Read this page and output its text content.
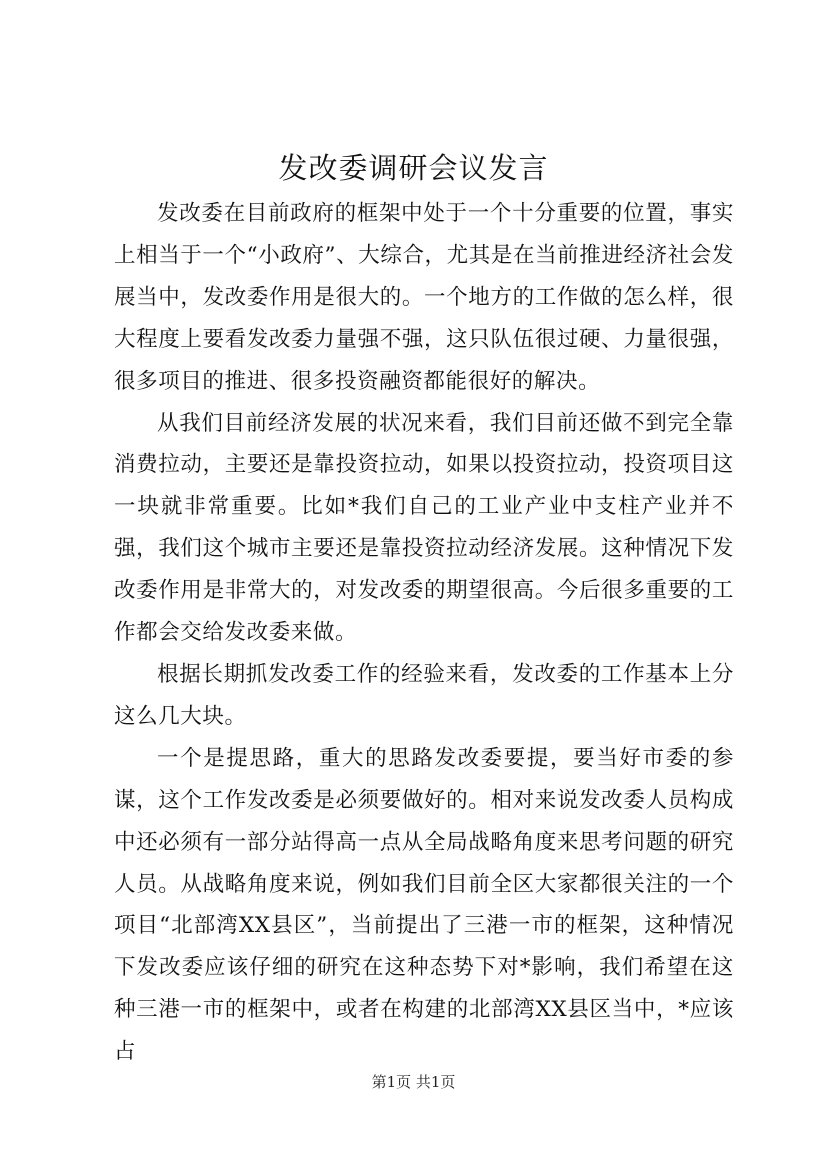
发改委调研会议发言

发改委在目前政府的框架中处于一个十分重要的位置，事实上相当于一个“小政府”、大综合，尤其是在当前推进经济社会发展当中，发改委作用是很大的。一个地方的工作做的怎么样，很大程度上要看发改委力量强不强，这只队伍很过硬、力量很强，很多项目的推进、很多投资融资都能很好的解决。

从我们目前经济发展的状况来看，我们目前还做不到完全靠消费拉动，主要还是靠投资拉动，如果以投资拉动，投资项目这一块就非常重要。比如*我们自己的工业产业中支柱产业并不强，我们这个城市主要还是靠投资拉动经济发展。这种情况下发改委作用是非常大的，对发改委的期望很高。今后很多重要的工作都会交给发改委来做。

根据长期抓发改委工作的经验来看，发改委的工作基本上分这么几大块。

一个是提思路，重大的思路发改委要提，要当好市委的参谋，这个工作发改委是必须要做好的。相对来说发改委人员构成中还必须有一部分站得高一点从全局战略角度来思考问题的研究人员。从战略角度来说，例如我们目前全区大家都很关注的一个项目“北部湾XX县区”，当前提出了三港一市的框架，这种情况下发改委应该仔细的研究在这种态势下对*影响，我们希望在这种三港一市的框架中，或者在构建的北部湾XX县区当中，*应该占

第1页 共1页
